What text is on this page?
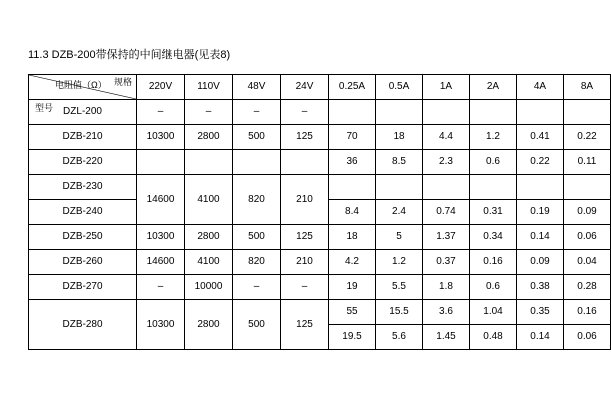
11.3 DZB-200带保持的中间继电器(见表8)
电阻值（Ω） 规格
型号	220V	110V	48V	24V	0.25A	0.5A	1A	2A	4A	8A
DZL-200	–	–	–	–						
DZB-210	10300	2800	500	125	70	18	4.4	1.2	0.41	0.22
DZB-220					36	8.5	2.3	0.6	0.22	0.11
DZB-230	14600	4100	820	210						
DZB-240					8.4	2.4	0.74	0.31	0.19	0.09
DZB-250	10300	2800	500	125	18	5	1.37	0.34	0.14	0.06
DZB-260	14600	4100	820	210	4.2	1.2	0.37	0.16	0.09	0.04
DZB-270	–	10000	–	–	19	5.5	1.8	0.6	0.38	0.28
DZB-280	10300	2800	500	125	55	15.5	3.6	1.04	0.35	0.16
					19.5	5.6	1.45	0.48	0.14	0.06
